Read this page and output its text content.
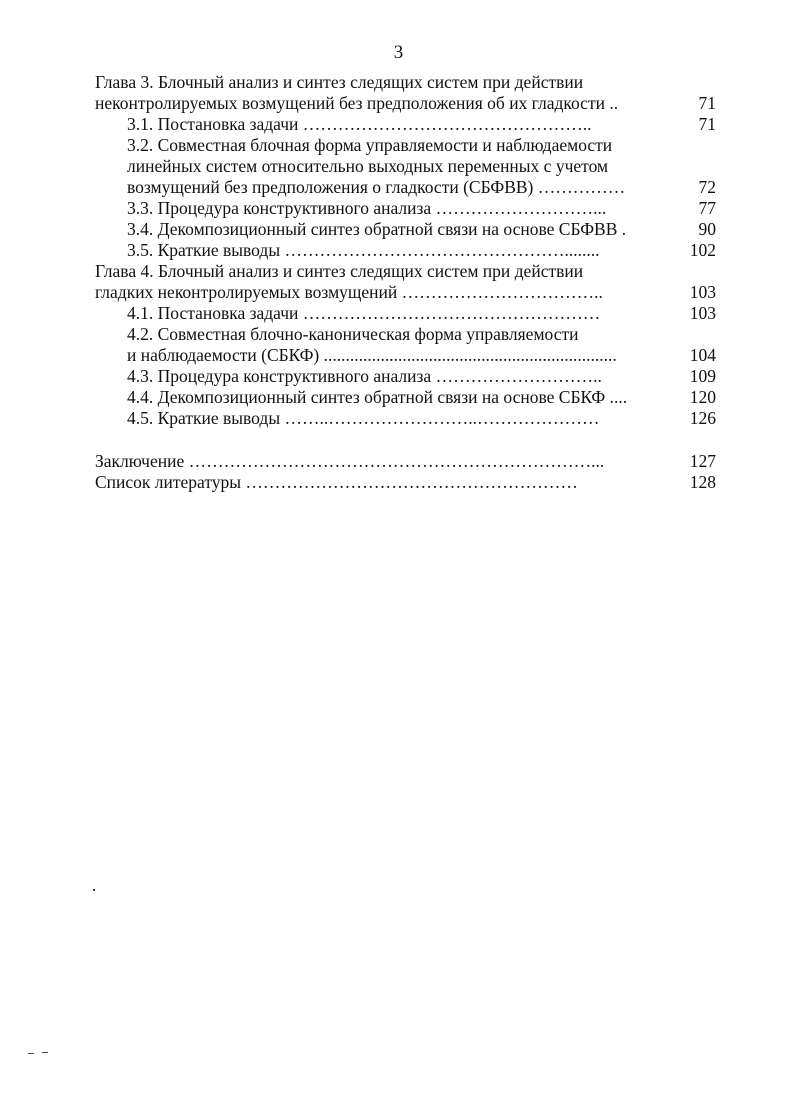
3
Глава 3. Блочный анализ и синтез следящих систем при действии
неконтролируемых возмущений без предположения об их гладкости ..	71
3.1. Постановка задачи …………………………………………..	71
3.2. Совместная блочная форма управляемости и наблюдаемости
линейных систем относительно выходных переменных с учетом
возмущений без предположения о гладкости (СБФВВ) ……………	72
3.3. Процедура конструктивного анализа ………………………...	77
3.4. Декомпозиционный синтез обратной связи на основе СБФВВ .	90
3.5. Краткие выводы …………………………………………........	102
Глава 4. Блочный анализ и синтез следящих систем при действии
гладких неконтролируемых возмущений ……………………………..	103
4.1. Постановка задачи ……………………………………………	103
4.2. Совместная блочно-каноническая форма управляемости
и наблюдаемости (СБКФ) ...................................................................	104
4.3. Процедура конструктивного анализа ………………………..	109
4.4. Декомпозиционный синтез обратной связи на основе СБКФ ....	120
4.5. Краткие выводы ……..……………………..…………………	126
Заключение ……………………………………………………………...	127
Список литературы …………………………………………………	128
